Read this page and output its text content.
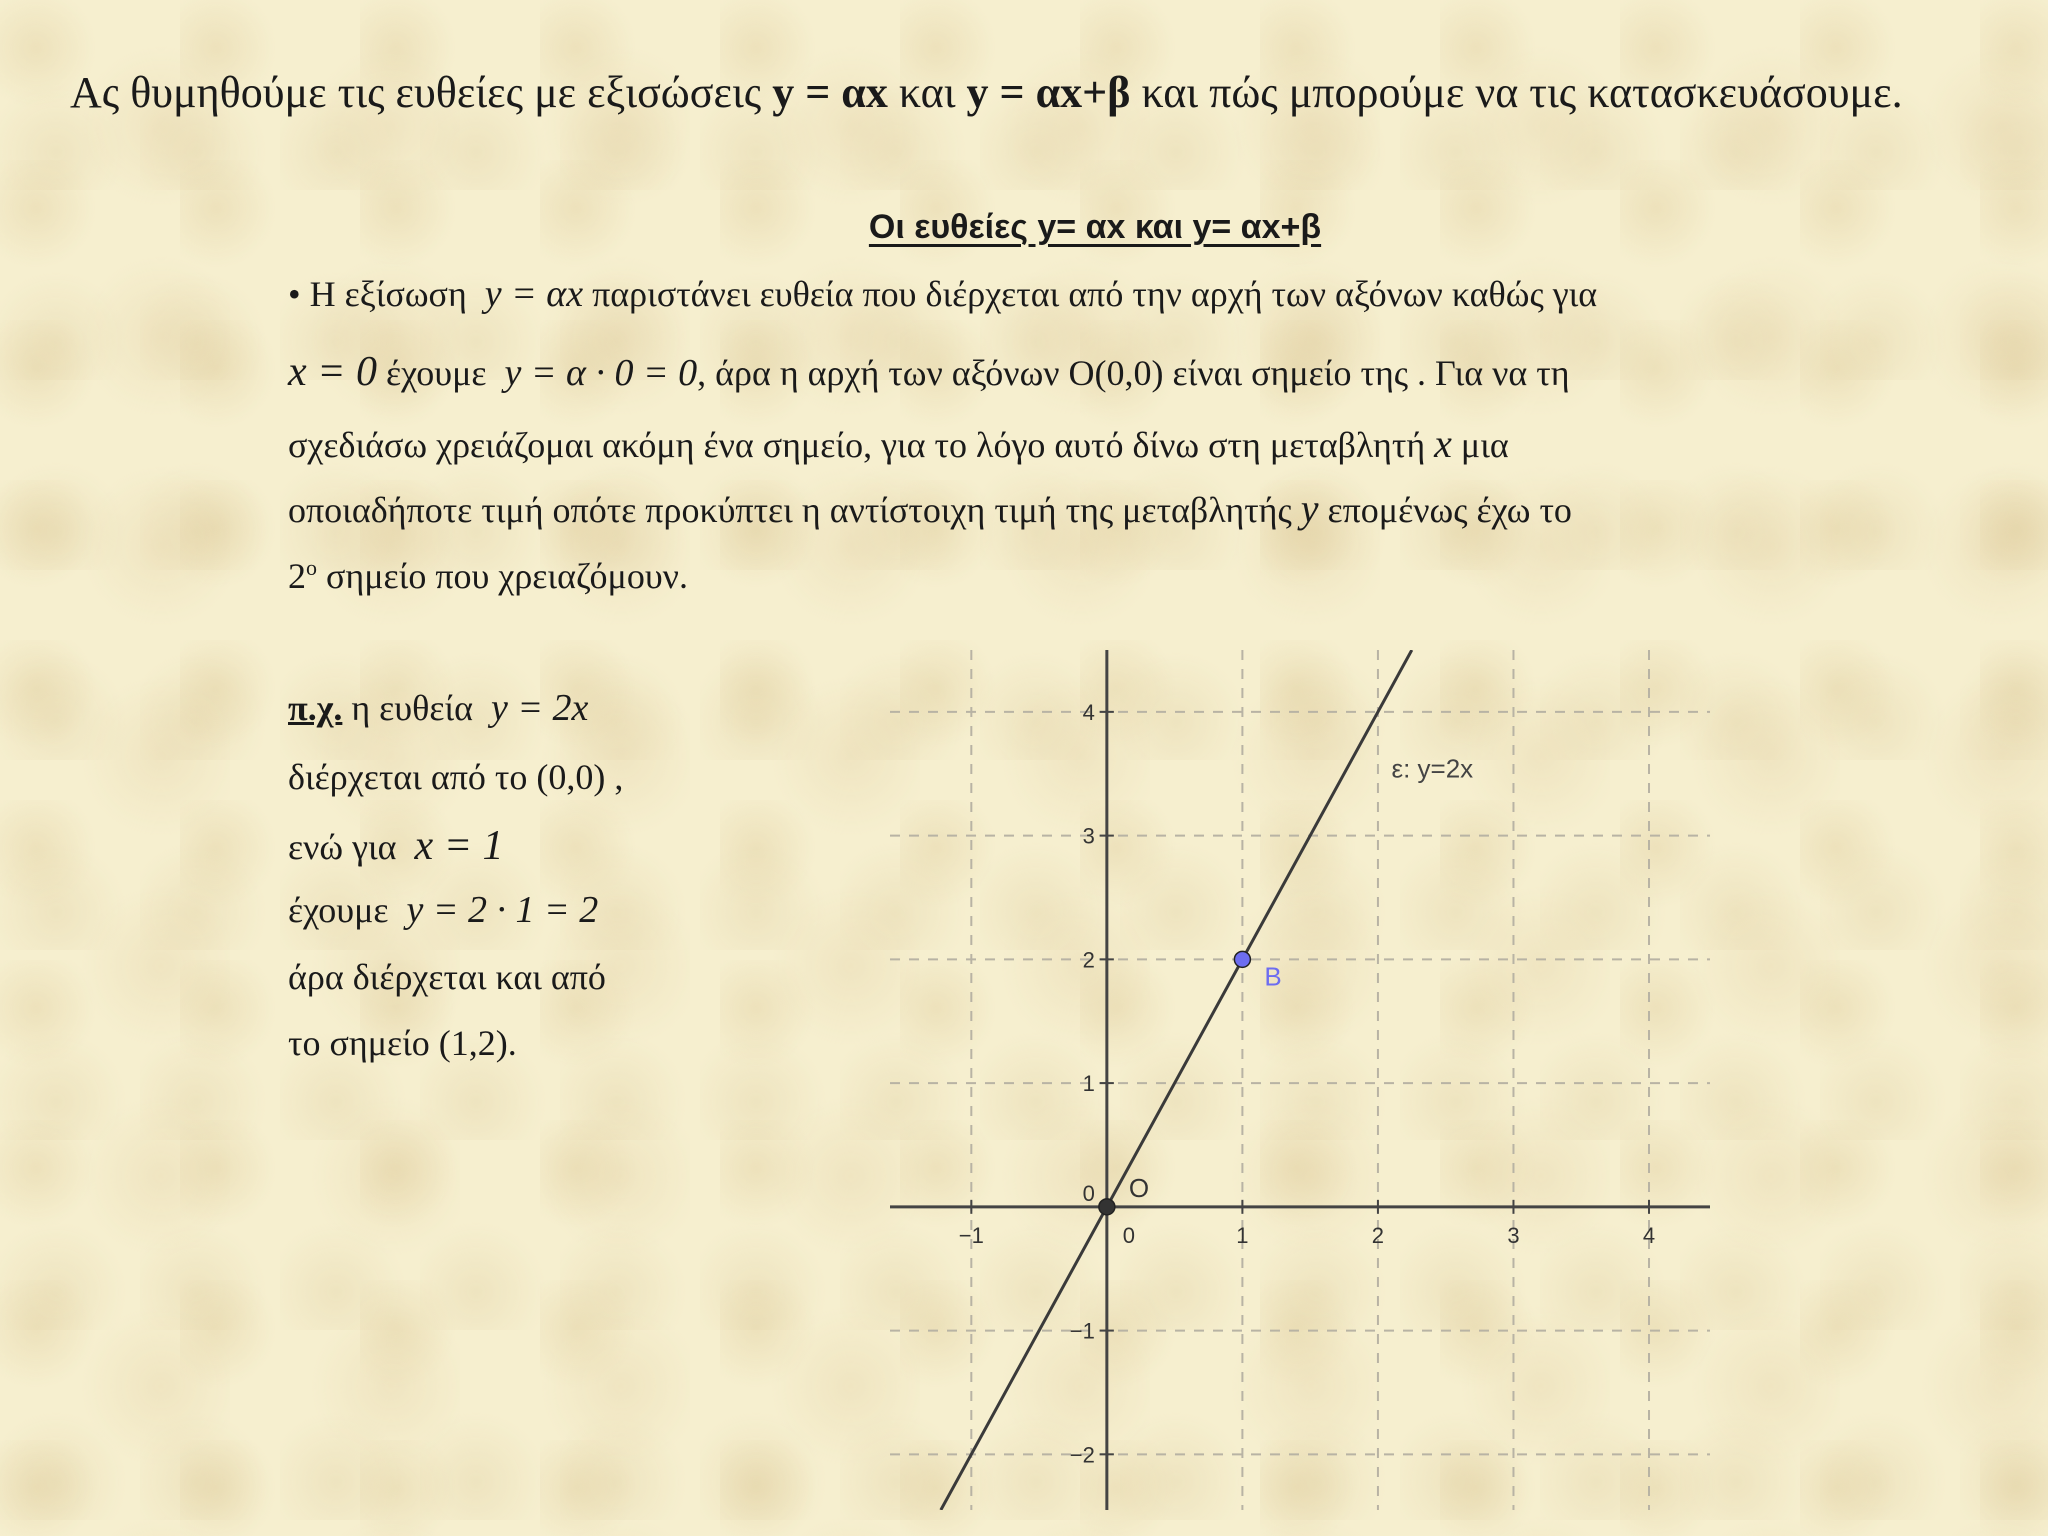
Ας θυμηθούμε τις ευθείες με εξισώσεις y = αx και y = αx+β και πώς μπορούμε να τις κατασκευάσουμε.
Οι ευθείες y= αx και y= αx+β
• Η εξίσωση  y = αx παριστάνει ευθεία που διέρχεται από την αρχή των αξόνων καθώς για
x = 0 έχουμε  y = α · 0 = 0, άρα η αρχή των αξόνων O(0,0) είναι σημείο της . Για να τη
σχεδιάσω χρειάζομαι ακόμη ένα σημείο, για το λόγο αυτό δίνω στη μεταβλητή x μια
οποιαδήποτε τιμή οπότε προκύπτει η αντίστοιχη τιμή της μεταβλητής y επομένως έχω το
$2^o$ σημείο που χρειαζόμουν.
π.χ. η ευθεία  y = 2x
διέρχεται από το (0,0) ,
ενώ για  x = 1
έχουμε  y = 2 · 1 = 2
άρα διέρχεται και από
το σημείο (1,2).
−1	0	1	2	3	4
−2
−1
0
1
2
3
4
ε: y=2x
O
B
